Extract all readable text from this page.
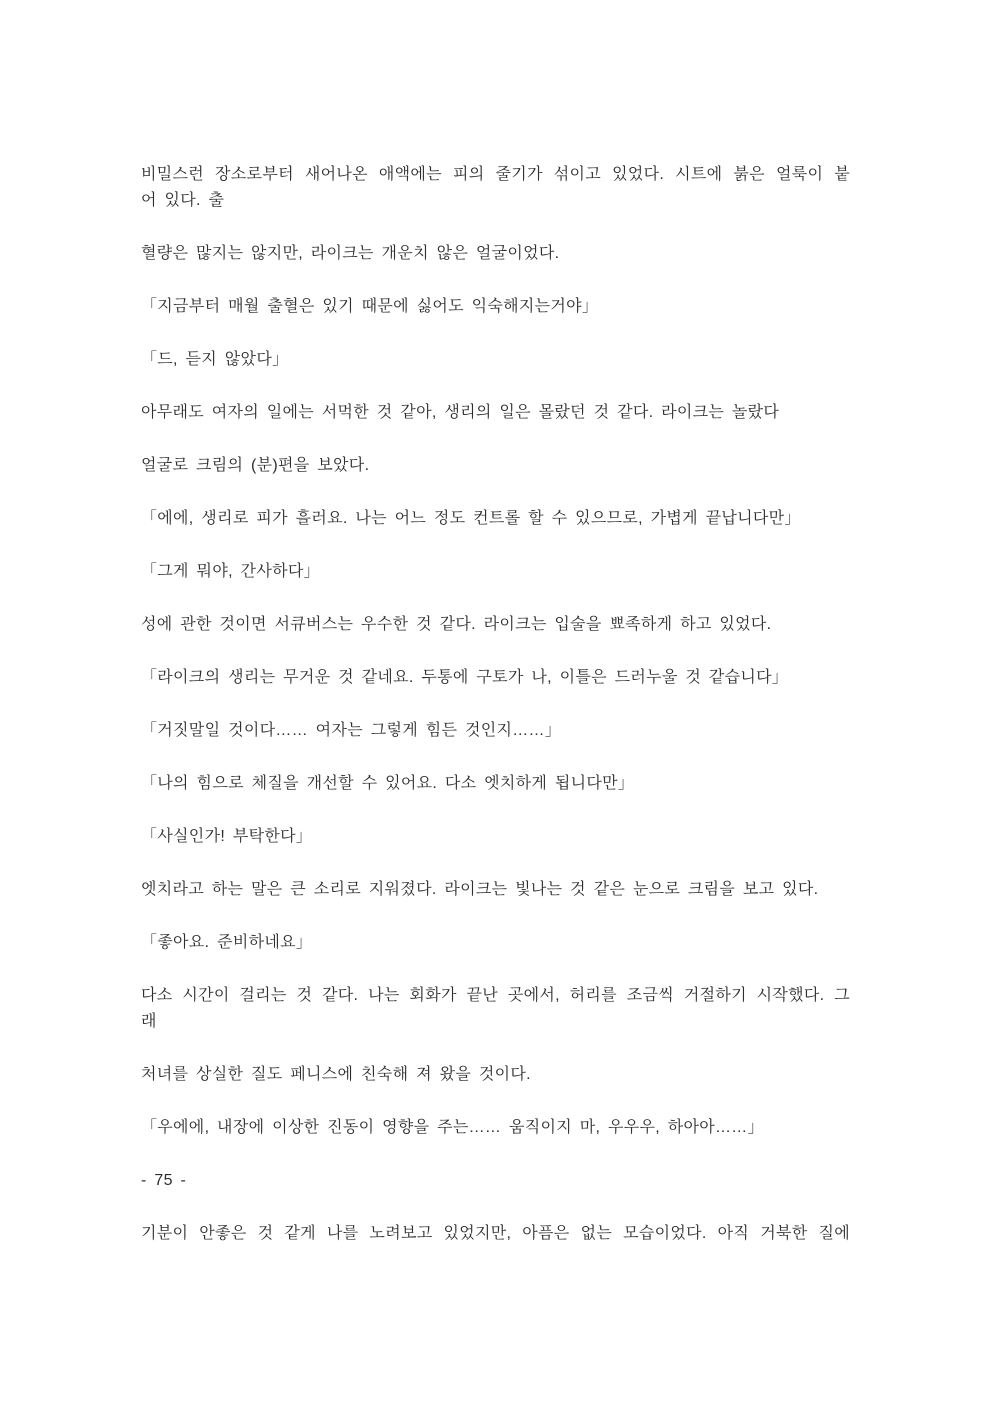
비밀스런 장소로부터 새어나온 애액에는 피의 줄기가 섞이고 있었다. 시트에 붉은 얼룩이 붙
어 있다. 출
혈량은 많지는 않지만, 라이크는 개운치 않은 얼굴이었다.
「지금부터 매월 출혈은 있기 때문에 싫어도 익숙해지는거야」
「드, 듣지 않았다」
아무래도 여자의 일에는 서먹한 것 같아, 생리의 일은 몰랐던 것 같다. 라이크는 놀랐다
얼굴로 크림의 (분)편을 보았다.
「에에, 생리로 피가 흘러요. 나는 어느 정도 컨트롤 할 수 있으므로, 가볍게 끝납니다만」
「그게 뭐야, 간사하다」
성에 관한 것이면 서큐버스는 우수한 것 같다. 라이크는 입술을 뾰족하게 하고 있었다.
「라이크의 생리는 무거운 것 같네요. 두통에 구토가 나, 이틀은 드러누울 것 같습니다」
「거짓말일 것이다…… 여자는 그렇게 힘든 것인지……」
「나의 힘으로 체질을 개선할 수 있어요. 다소 엣치하게 됩니다만」
「사실인가! 부탁한다」
엣치라고 하는 말은 큰 소리로 지워졌다. 라이크는 빛나는 것 같은 눈으로 크림을 보고 있다.
「좋아요. 준비하네요」
다소 시간이 걸리는 것 같다. 나는 회화가 끝난 곳에서, 허리를 조금씩 거절하기 시작했다. 그
래
처녀를 상실한 질도 페니스에 친숙해 져 왔을 것이다.
「우에에, 내장에 이상한 진동이 영향을 주는…… 움직이지 마, 우우우, 하아아……」
- 75 -
기분이 안좋은 것 같게 나를 노려보고 있었지만, 아픔은 없는 모습이었다. 아직 거북한 질에
